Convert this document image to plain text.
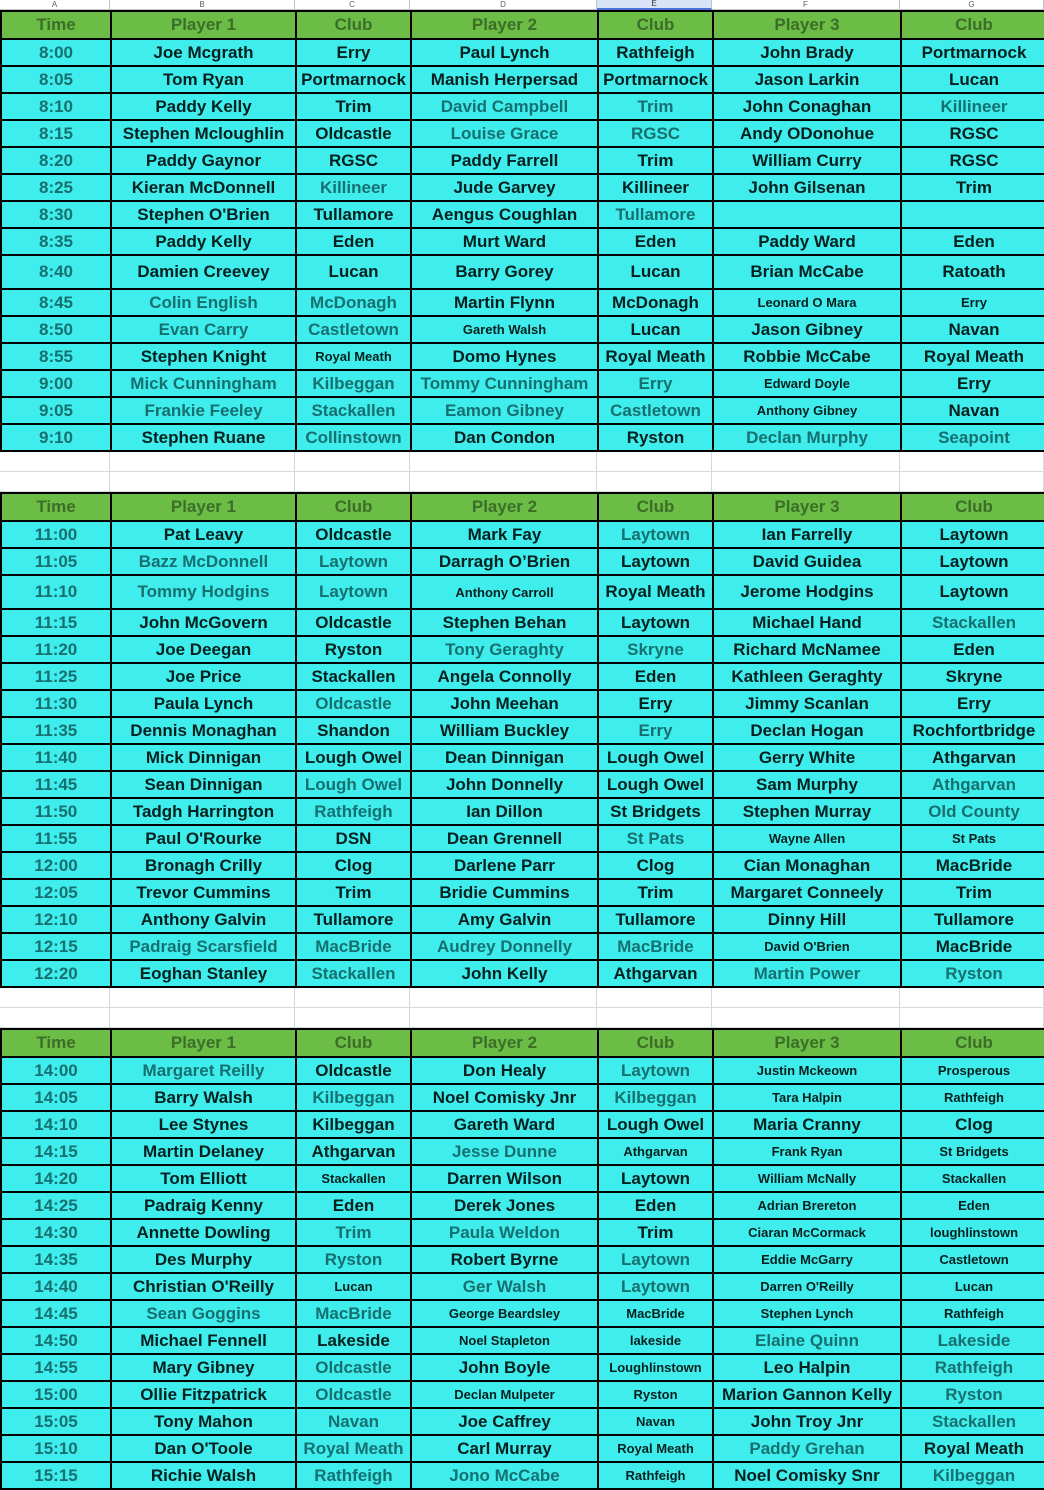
A	B	C	D	E	F	G
Time	Player 1	Club	Player 2	Club	Player 3	Club
8:00	Joe Mcgrath	Erry	Paul Lynch	Rathfeigh	John Brady	Portmarnock
8:05	Tom Ryan	Portmarnock	Manish Herpersad	Portmarnock	Jason Larkin	Lucan
8:10	Paddy Kelly	Trim	David Campbell	Trim	John Conaghan	Killineer
8:15	Stephen Mcloughlin	Oldcastle	Louise Grace	RGSC	Andy ODonohue	RGSC
8:20	Paddy Gaynor	RGSC	Paddy Farrell	Trim	William Curry	RGSC
8:25	Kieran McDonnell	Killineer	Jude Garvey	Killineer	John Gilsenan	Trim
8:30	Stephen O'Brien	Tullamore	Aengus Coughlan	Tullamore
8:35	Paddy Kelly	Eden	Murt Ward	Eden	Paddy Ward	Eden
8:40	Damien Creevey	Lucan	Barry Gorey	Lucan	Brian McCabe	Ratoath
8:45	Colin English	McDonagh	Martin Flynn	McDonagh	Leonard O Mara	Erry
8:50	Evan Carry	Castletown	Gareth Walsh	Lucan	Jason Gibney	Navan
8:55	Stephen Knight	Royal Meath	Domo Hynes	Royal Meath	Robbie McCabe	Royal Meath
9:00	Mick Cunningham	Kilbeggan	Tommy Cunningham	Erry	Edward Doyle	Erry
9:05	Frankie Feeley	Stackallen	Eamon Gibney	Castletown	Anthony Gibney	Navan
9:10	Stephen Ruane	Collinstown	Dan Condon	Ryston	Declan Murphy	Seapoint
Time	Player 1	Club	Player 2	Club	Player 3	Club
11:00	Pat Leavy	Oldcastle	Mark Fay	Laytown	Ian Farrelly	Laytown
11:05	Bazz McDonnell	Laytown	Darragh O’Brien	Laytown	David Guidea	Laytown
11:10	Tommy Hodgins	Laytown	Anthony Carroll	Royal Meath	Jerome Hodgins	Laytown
11:15	John McGovern	Oldcastle	Stephen Behan	Laytown	Michael Hand	Stackallen
11:20	Joe Deegan	Ryston	Tony Geraghty	Skryne	Richard McNamee	Eden
11:25	Joe Price	Stackallen	Angela Connolly	Eden	Kathleen Geraghty	Skryne
11:30	Paula Lynch	Oldcastle	John Meehan	Erry	Jimmy Scanlan	Erry
11:35	Dennis Monaghan	Shandon	William Buckley	Erry	Declan Hogan	Rochfortbridge
11:40	Mick Dinnigan	Lough Owel	Dean Dinnigan	Lough Owel	Gerry White	Athgarvan
11:45	Sean Dinnigan	Lough Owel	John Donnelly	Lough Owel	Sam Murphy	Athgarvan
11:50	Tadgh Harrington	Rathfeigh	Ian Dillon	St Bridgets	Stephen Murray	Old County
11:55	Paul O'Rourke	DSN	Dean Grennell	St Pats	Wayne Allen	St Pats
12:00	Bronagh Crilly	Clog	Darlene Parr	Clog	Cian Monaghan	MacBride
12:05	Trevor Cummins	Trim	Bridie Cummins	Trim	Margaret Conneely	Trim
12:10	Anthony Galvin	Tullamore	Amy Galvin	Tullamore	Dinny Hill	Tullamore
12:15	Padraig Scarsfield	MacBride	Audrey Donnelly	MacBride	David O'Brien	MacBride
12:20	Eoghan Stanley	Stackallen	John Kelly	Athgarvan	Martin Power	Ryston
Time	Player 1	Club	Player 2	Club	Player 3	Club
14:00	Margaret Reilly	Oldcastle	Don Healy	Laytown	Justin Mckeown	Prosperous
14:05	Barry Walsh	Kilbeggan	Noel Comisky Jnr	Kilbeggan	Tara Halpin	Rathfeigh
14:10	Lee Stynes	Kilbeggan	Gareth Ward	Lough Owel	Maria Cranny	Clog
14:15	Martin Delaney	Athgarvan	Jesse Dunne	Athgarvan	Frank Ryan	St Bridgets
14:20	Tom Elliott	Stackallen	Darren Wilson	Laytown	William McNally	Stackallen
14:25	Padraig Kenny	Eden	Derek Jones	Eden	Adrian Brereton	Eden
14:30	Annette Dowling	Trim	Paula Weldon	Trim	Ciaran McCormack	loughlinstown
14:35	Des Murphy	Ryston	Robert Byrne	Laytown	Eddie McGarry	Castletown
14:40	Christian O'Reilly	Lucan	Ger Walsh	Laytown	Darren O'Reilly	Lucan
14:45	Sean Goggins	MacBride	George Beardsley	MacBride	Stephen Lynch	Rathfeigh
14:50	Michael Fennell	Lakeside	Noel Stapleton	lakeside	Elaine Quinn	Lakeside
14:55	Mary Gibney	Oldcastle	John Boyle	Loughlinstown	Leo Halpin	Rathfeigh
15:00	Ollie Fitzpatrick	Oldcastle	Declan Mulpeter	Ryston	Marion Gannon Kelly	Ryston
15:05	Tony Mahon	Navan	Joe Caffrey	Navan	John Troy Jnr	Stackallen
15:10	Dan O'Toole	Royal Meath	Carl Murray	Royal Meath	Paddy Grehan	Royal Meath
15:15	Richie Walsh	Rathfeigh	Jono McCabe	Rathfeigh	Noel Comisky Snr	Kilbeggan
